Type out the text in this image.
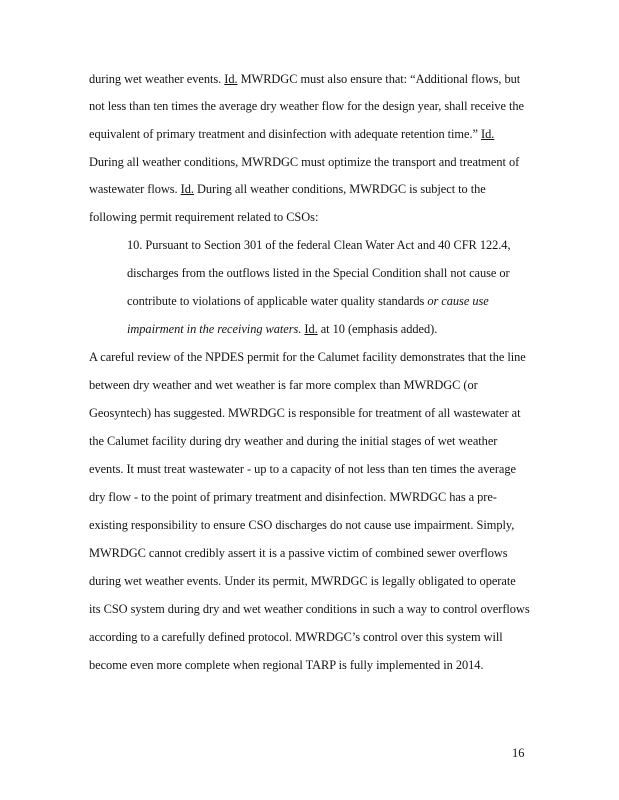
during wet weather events. Id. MWRDGC must also ensure that: “Additional flows, but
not less than ten times the average dry weather flow for the design year, shall receive the
equivalent of primary treatment and disinfection with adequate retention time.” Id.
During all weather conditions, MWRDGC must optimize the transport and treatment of
wastewater flows. Id. During all weather conditions, MWRDGC is subject to the
following permit requirement related to CSOs:
10. Pursuant to Section 301 of the federal Clean Water Act and 40 CFR 122.4,
discharges from the outflows listed in the Special Condition shall not cause or
contribute to violations of applicable water quality standards or cause use
impairment in the receiving waters. Id. at 10 (emphasis added).
A careful review of the NPDES permit for the Calumet facility demonstrates that the line
between dry weather and wet weather is far more complex than MWRDGC (or
Geosyntech) has suggested. MWRDGC is responsible for treatment of all wastewater at
the Calumet facility during dry weather and during the initial stages of wet weather
events. It must treat wastewater - up to a capacity of not less than ten times the average
dry flow - to the point of primary treatment and disinfection. MWRDGC has a pre-
existing responsibility to ensure CSO discharges do not cause use impairment. Simply,
MWRDGC cannot credibly assert it is a passive victim of combined sewer overflows
during wet weather events. Under its permit, MWRDGC is legally obligated to operate
its CSO system during dry and wet weather conditions in such a way to control overflows
according to a carefully defined protocol. MWRDGC’s control over this system will
become even more complete when regional TARP is fully implemented in 2014.
16
